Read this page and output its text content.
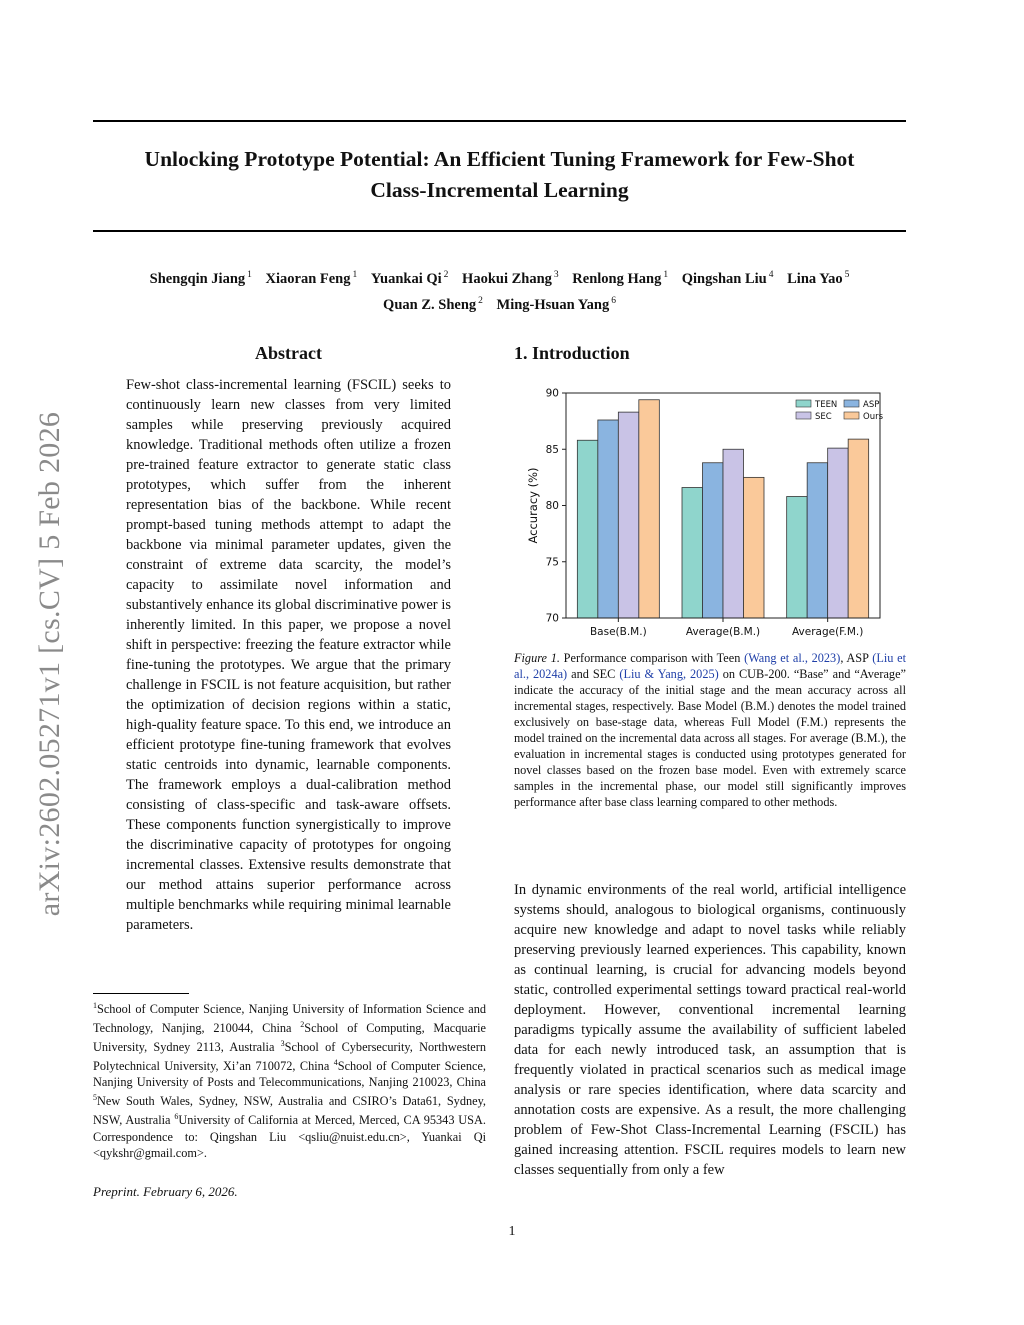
Unlocking Prototype Potential: An Efficient Tuning Framework for Few-Shot
Class-Incremental Learning
Shengqin Jiang $^1$ Xiaoran Feng $^1$ Yuankai Qi $^2$ Haokui Zhang $^3$ Renlong Hang $^1$ Qingshan Liu $^4$ Lina Yao $^5$
Quan Z. Sheng $^2$ Ming-Hsuan Yang $^6$
arXiv:2602.05271v1 [cs.CV] 5 Feb 2026
Abstract
Few-shot class-incremental learning (FSCIL) seeks to continuously learn new classes from very limited samples while preserving previously acquired knowledge. Traditional methods often utilize a frozen pre-trained feature extractor to generate static class prototypes, which suffer from the inherent representation bias of the backbone. While recent prompt-based tuning methods attempt to adapt the backbone via minimal parameter updates, given the constraint of extreme data scarcity, the model’s capacity to assimilate novel information and substantively enhance its global discriminative power is inherently limited. In this paper, we propose a novel shift in perspective: freezing the feature extractor while fine-tuning the prototypes. We argue that the primary challenge in FSCIL is not feature acquisition, but rather the optimization of decision regions within a static, high-quality feature space. To this end, we introduce an efficient prototype fine-tuning framework that evolves static centroids into dynamic, learnable components. The framework employs a dual-calibration method consisting of class-specific and task-aware offsets. These components function synergistically to improve the discriminative capacity of prototypes for ongoing incremental classes. Extensive results demonstrate that our method attains superior performance across multiple benchmarks while requiring minimal learnable parameters.
$^1$School of Computer Science, Nanjing University of Information Science and Technology, Nanjing, 210044, China $^2$School of Computing, Macquarie University, Sydney 2113, Australia $^3$School of Cybersecurity, Northwestern Polytechnical University, Xi’an 710072, China $^4$School of Computer Science, Nanjing University of Posts and Telecommunications, Nanjing 210023, China $^5$New South Wales, Sydney, NSW, Australia and CSIRO’s Data61, Sydney, NSW, Australia $^6$University of California at Merced, Merced, CA 95343 USA. Correspondence to: Qingshan Liu <qsliu@nuist.edu.cn>, Yuankai Qi <qykshr@gmail.com>.
Preprint. February 6, 2026.
1. Introduction
Base(B.M.)	Average(B.M.)	Average(F.M.)
70
75
80
85
90
Accuracy (%)
TEEN	ASP
SEC	Ours
Figure 1. Performance comparison with Teen (Wang et al., 2023), ASP (Liu et al., 2024a) and SEC (Liu & Yang, 2025) on CUB-200. “Base” and “Average” indicate the accuracy of the initial stage and the mean accuracy across all incremental stages, respectively. Base Model (B.M.) denotes the model trained exclusively on base-stage data, whereas Full Model (F.M.) represents the model trained on the incremental data across all stages. For average (B.M.), the evaluation in incremental stages is conducted using prototypes generated for novel classes based on the frozen base model. Even with extremely scarce samples in the incremental phase, our model still significantly improves performance after base class learning compared to other methods.
In dynamic environments of the real world, artificial intelligence systems should, analogous to biological organisms, continuously acquire new knowledge and adapt to novel tasks while reliably preserving previously learned experiences. This capability, known as continual learning, is crucial for advancing models beyond static, controlled experimental settings toward practical real-world deployment. However, conventional incremental learning paradigms typically assume the availability of sufficient labeled data for each newly introduced task, an assumption that is frequently violated in practical scenarios such as medical image analysis or rare species identification, where data scarcity and annotation costs are expensive. As a result, the more challenging problem of Few-Shot Class-Incremental Learning (FSCIL) has gained increasing attention. FSCIL requires models to learn new classes sequentially from only a few
1
